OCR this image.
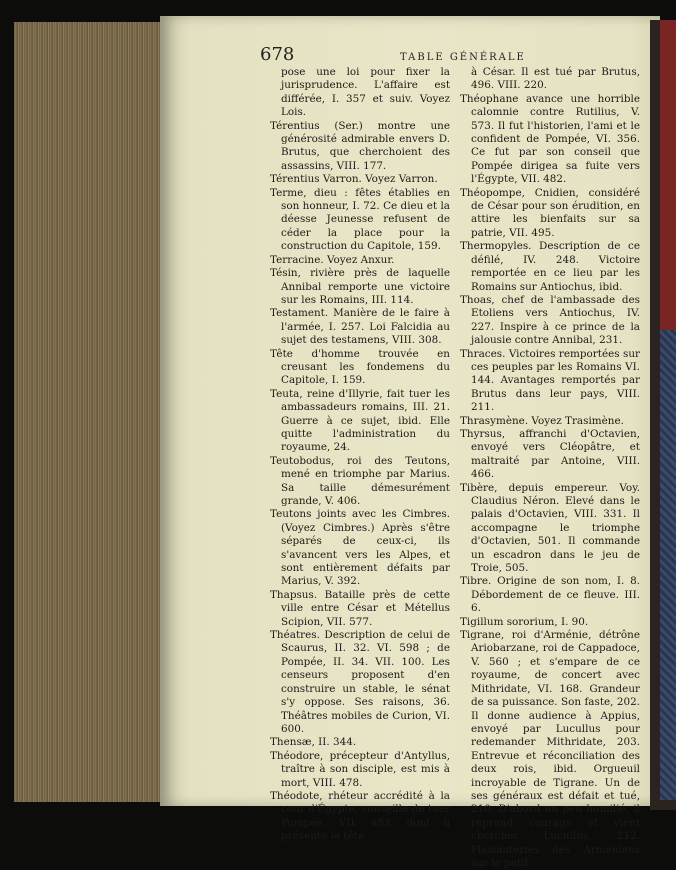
678	TABLE GÉNÉRALE

pose une loi pour fixer la jurisprudence. L'affaire est différée, I. 357 et suiv. Voyez Lois.

Térentius (Ser.) montre une générosité admirable envers D. Brutus, que cherchoient des assassins, VIII. 177.

Térentius Varron. Voyez Varron.

Terme, dieu : fêtes établies en son honneur, I. 72. Ce dieu et la déesse Jeunesse refusent de céder la place pour la construction du Capitole, 159.

Terracine. Voyez Anxur.

Tésin, rivière près de laquelle Annibal remporte une victoire sur les Romains, III. 114.

Testament. Manière de le faire à l'armée, I. 257. Loi Falcidia au sujet des testamens, VIII. 308.

Tête d'homme trouvée en creusant les fondemens du Capitole, I. 159.

Teuta, reine d'Illyrie, fait tuer les ambassadeurs romains, III. 21. Guerre à ce sujet, ibid. Elle quitte l'administration du royaume, 24.

Teutobodus, roi des Teutons, mené en triomphe par Marius. Sa taille démesurément grande, V. 406.

Teutons joints avec les Cimbres. (Voyez Cimbres.) Après s'être séparés de ceux-ci, ils s'avancent vers les Alpes, et sont entièrement défaits par Marius, V. 392.

Thapsus. Bataille près de cette ville entre César et Métellus Scipion, VII. 577.

Théatres. Description de celui de Scaurus, II. 32. VI. 598 ; de Pompée, II. 34. VII. 100. Les censeurs proposent d'en construire un stable, le sénat s'y oppose. Ses raisons, 36. Théâtres mobiles de Curion, VI. 600.

Thensæ, II. 344.

Théodore, précepteur d'Antyllus, traître à son disciple, est mis à mort, VIII. 478.

Théodote, rhéteur accrédité à la cour d'Égypte, conseille de tuer Pompée, VII. 483, dont il présente la tête

à César. Il est tué par Brutus, 496. VIII. 220.

Théophane avance une horrible calomnie contre Rutilius, V. 573. Il fut l'historien, l'ami et le confident de Pompée, VI. 356. Ce fut par son conseil que Pompée dirigea sa fuite vers l'Égypte, VII. 482.

Théopompe, Cnidien, considéré de César pour son érudition, en attire les bienfaits sur sa patrie, VII. 495.

Thermopyles. Description de ce défilé, IV. 248. Victoire remportée en ce lieu par les Romains sur Antiochus, ibid.

Thoas, chef de l'ambassade des Etoliens vers Antiochus, IV. 227. Inspire à ce prince de la jalousie contre Annibal, 231.

Thraces. Victoires remportées sur ces peuples par les Romains VI. 144. Avantages remportés par Brutus dans leur pays, VIII. 211.

Thrasymène. Voyez Trasimène.

Thyrsus, affranchi d'Octavien, envoyé vers Cléopâtre, et maltraité par Antoine, VIII. 466.

Tibère, depuis empereur. Voy. Claudius Néron. Elevé dans le palais d'Octavien, VIII. 331. Il accompagne le triomphe d'Octavien, 501. Il commande un escadron dans le jeu de Troie, 505.

Tibre. Origine de son nom, I. 8. Débordement de ce fleuve. III. 6.

Tigillum sororium, I. 90.

Tigrane, roi d'Arménie, détrône Ariobarzane, roi de Cappadoce, V. 560 ; et s'empare de ce royaume, de concert avec Mithridate, VI. 168. Grandeur de sa puissance. Son faste, 202. Il donne audience à Appius, envoyé par Lucullus pour redemander Mithridate, 203. Entrevue et réconciliation des deux rois, ibid. Orgueuil incroyable de Tigrane. Un de ses généraux est défait et tué, 210. D'abord un peu humilié, il reprend courage et vient chercher Lucullus, 212. Plaisanteries des Arméniens sur le petit
